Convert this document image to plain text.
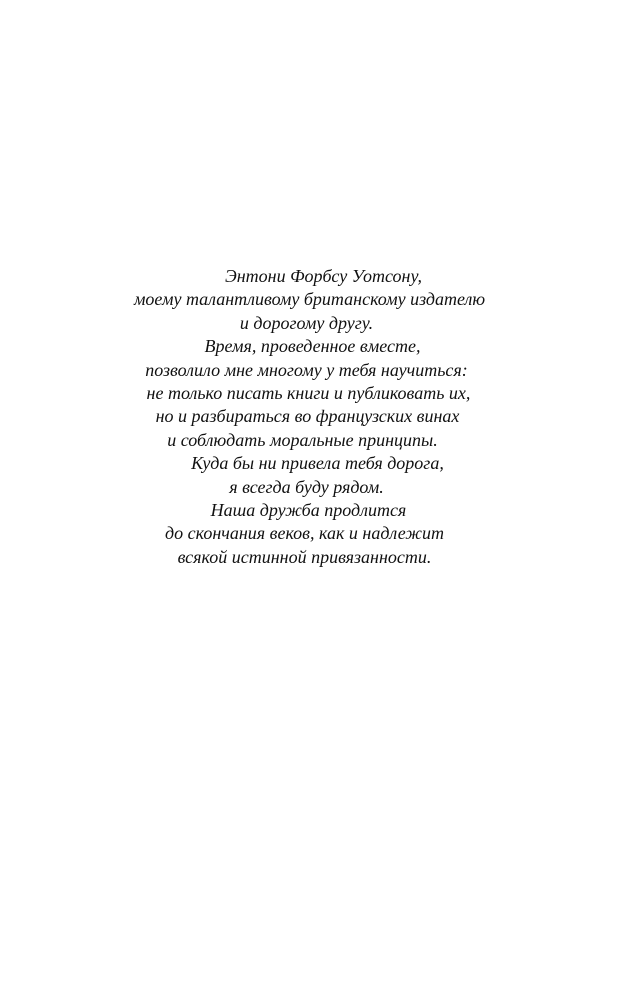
Энтони Форбсу Уотсону,
моему талантливому британскому издателю
и дорогому другу.
Время, проведенное вместе,
позволило мне многому у тебя научиться:
не только писать книги и публиковать их,
но и разбираться во французских винах
и соблюдать моральные принципы.
Куда бы ни привела тебя дорога,
я всегда буду рядом.
Наша дружба продлится
до скончания веков, как и надлежит
всякой истинной привязанности.
